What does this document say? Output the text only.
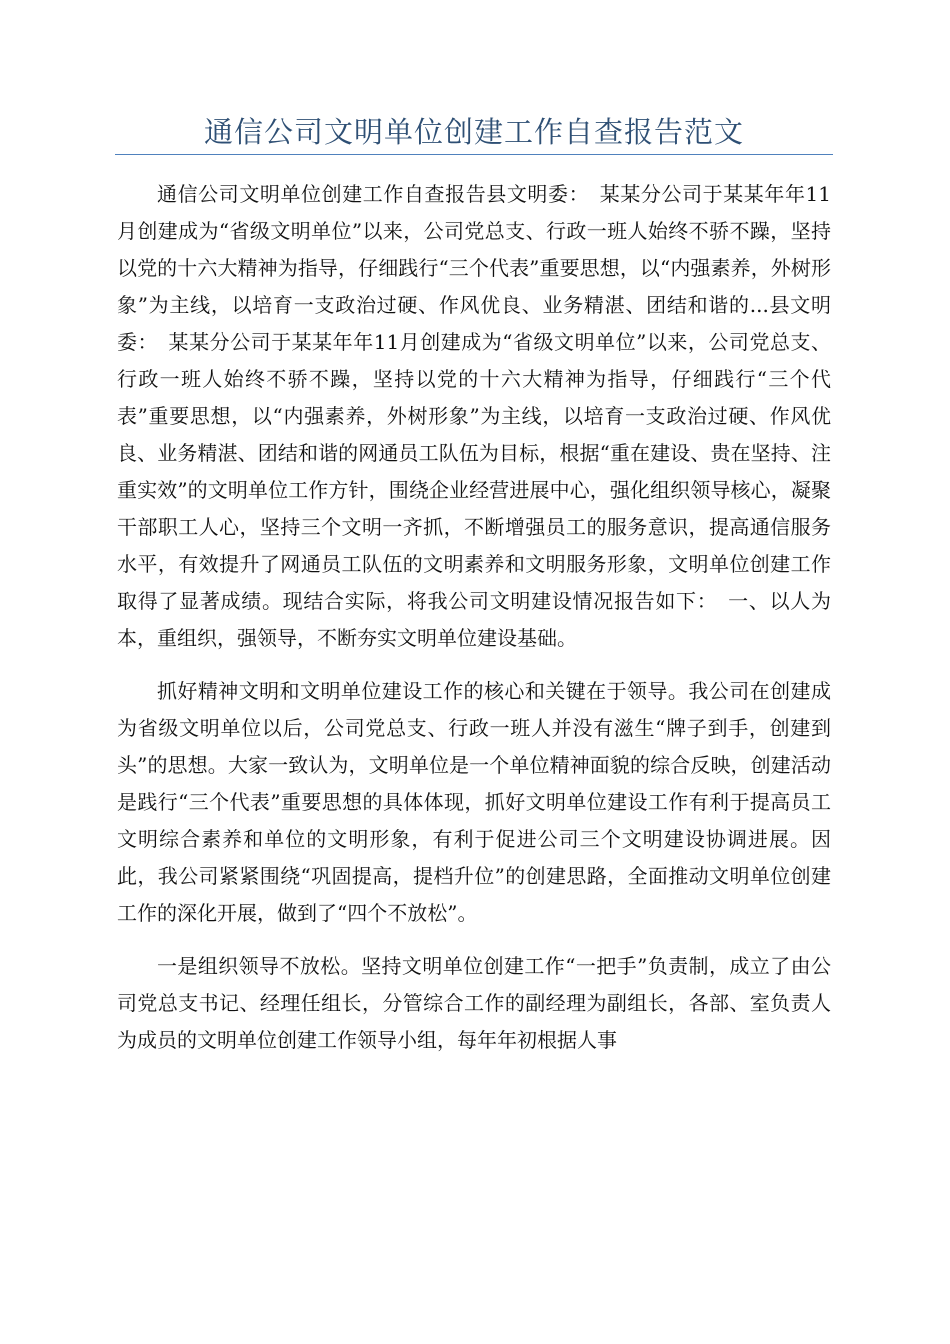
通信公司文明单位创建工作自查报告范文

通信公司文明单位创建工作自查报告县文明委：　某某分公司于某某年年11月创建成为“省级文明单位”以来，公司党总支、行政一班人始终不骄不躁，坚持以党的十六大精神为指导，仔细践行“三个代表”重要思想，以“内强素养，外树形象”为主线，以培育一支政治过硬、作风优良、业务精湛、团结和谐的...县文明委：　某某分公司于某某年年11月创建成为“省级文明单位”以来，公司党总支、行政一班人始终不骄不躁，坚持以党的十六大精神为指导，仔细践行“三个代表”重要思想，以“内强素养，外树形象”为主线，以培育一支政治过硬、作风优良、业务精湛、团结和谐的网通员工队伍为目标，根据“重在建设、贵在坚持、注重实效”的文明单位工作方针，围绕企业经营进展中心，强化组织领导核心，凝聚干部职工人心，坚持三个文明一齐抓，不断增强员工的服务意识，提高通信服务水平，有效提升了网通员工队伍的文明素养和文明服务形象，文明单位创建工作取得了显著成绩。现结合实际，将我公司文明建设情况报告如下：　一、以人为本，重组织，强领导，不断夯实文明单位建设基础。

抓好精神文明和文明单位建设工作的核心和关键在于领导。我公司在创建成为省级文明单位以后，公司党总支、行政一班人并没有滋生“牌子到手，创建到头”的思想。大家一致认为，文明单位是一个单位精神面貌的综合反映，创建活动是践行“三个代表”重要思想的具体体现，抓好文明单位建设工作有利于提高员工文明综合素养和单位的文明形象，有利于促进公司三个文明建设协调进展。因此，我公司紧紧围绕“巩固提高，提档升位”的创建思路，全面推动文明单位创建工作的深化开展，做到了“四个不放松”。

一是组织领导不放松。坚持文明单位创建工作“一把手”负责制，成立了由公司党总支书记、经理任组长，分管综合工作的副经理为副组长，各部、室负责人为成员的文明单位创建工作领导小组，每年年初根据人事
